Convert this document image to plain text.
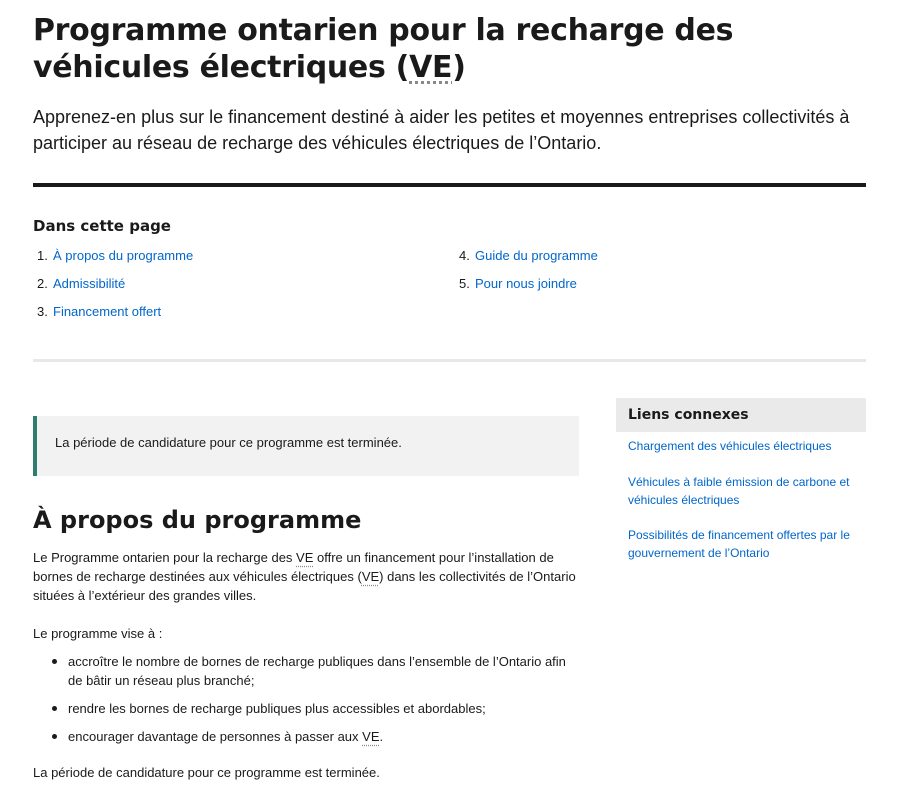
Programme ontarien pour la recharge des véhicules électriques (VE)

Apprenez-en plus sur le financement destiné à aider les petites et moyennes entreprises collectivités à participer au réseau de recharge des véhicules électriques de l’Ontario.

Dans cette page
1. À propos du programme
2. Admissibilité
3. Financement offert
4. Guide du programme
5. Pour nous joindre
La période de candidature pour ce programme est terminée.
À propos du programme

Le Programme ontarien pour la recharge des VE offre un financement pour l’installation de bornes de recharge destinées aux véhicules électriques (VE) dans les collectivités de l’Ontario situées à l’extérieur des grandes villes.

Le programme vise à :

accroître le nombre de bornes de recharge publiques dans l’ensemble de l’Ontario afin de bâtir un réseau plus branché;
rendre les bornes de recharge publiques plus accessibles et abordables;
encourager davantage de personnes à passer aux VE.

La période de candidature pour ce programme est terminée.

Liens connexes
Chargement des véhicules électriques
Véhicules à faible émission de carbone et véhicules électriques
Possibilités de financement offertes par le gouvernement de l’Ontario
